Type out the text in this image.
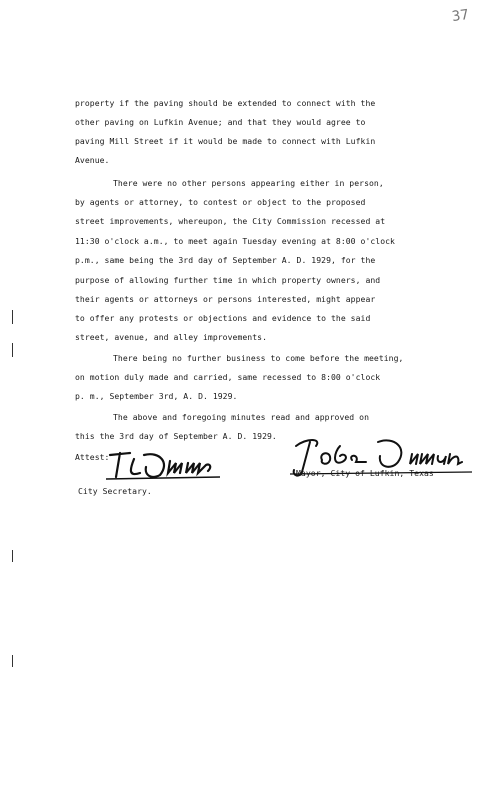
37
property if the paving should be extended to connect with the
other paving on Lufkin Avenue; and that they would agree to
paving Mill Street if it would be made to connect with Lufkin
Avenue.
There were no other persons appearing either in person,
by agents or attorney, to contest or object to the proposed
street improvements, whereupon, the City Commission recessed at
11:30 o'clock a.m., to meet again Tuesday evening at 8:00 o'clock
p.m., same being the 3rd day of September A. D. 1929, for the
purpose of allowing further time in which property owners, and
their agents or attorneys or persons interested, might appear
to offer any protests or objections and evidence to the said
street, avenue, and alley improvements.
There being no further business to come before the meeting,
on motion duly made and carried, same recessed to 8:00 o'clock
p. m., September 3rd, A. D. 1929.
The above and foregoing minutes read and approved on
this the 3rd day of September A. D. 1929.
Attest:
City Secretary.
Mayor, City of Lufkin, Texas
